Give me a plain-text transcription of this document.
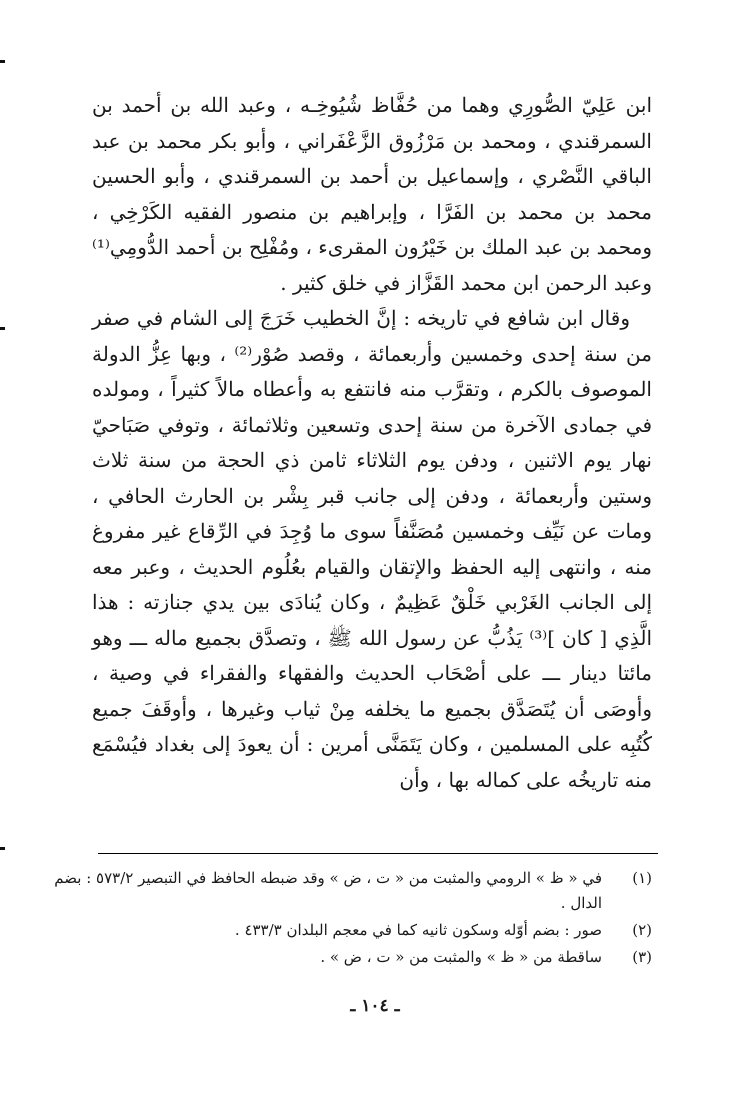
ابن عَلِيّ الصُّورِي وهما من حُفَّاظ شُيُوخِـه ، وعبد الله بن أحمد بن السمرقندي ، ومحمد بن مَرْزُوق الزَّعْفَراني ، وأبو بكر محمد بن عبد الباقي النَّصْري ، وإسماعيل بن أحمد بن السمرقندي ، وأبو الحسين محمد بن محمد بن الفَرَّا ، وإبراهيم بن منصور الفقيه الكَرْخِي ، ومحمد بن عبد الملك بن خَيْرُون المقرىء ، ومُفْلِح بن أحمد الدُّومِي⁽¹⁾ وعبد الرحمن ابن محمد القَزَّاز في خلق كثير .

وقال ابن شافع في تاريخه : إنَّ الخطيب خَرَجَ إلى الشام في صفر من سنة إحدى وخمسين وأربعمائة ، وقصد صُوْر⁽²⁾ ، وبها عِزُّ الدولة الموصوف بالكرم ، وتقرَّب منه فانتفع به وأعطاه مالاً كثيراً ، ومولده في جمادى الآخرة من سنة إحدى وتسعين وثلاثمائة ، وتوفي صَبَاحيّ نهار يوم الاثنين ، ودفن يوم الثلاثاء ثامن ذي الحجة من سنة ثلاث وستين وأربعمائة ، ودفن إلى جانب قبر بِشْر بن الحارث الحافي ، ومات عن نَيِّف وخمسين مُصَنَّفاً سوى ما وُجِدَ في الرِّقاع غير مفروغ منه ، وانتهى إليه الحفظ والإتقان والقيام بعُلُوم الحديث ، وعبر معه إلى الجانب الغَرْبي خَلْقٌ عَظِيمٌ ، وكان يُنادَى بين يدي جنازته : هذا الَّذِي [ كان ]⁽³⁾ يَذُبُّ عن رسول الله ﷺ ، وتصدَّق بجميع ماله ـــ وهو مائتا دينار ـــ على أصْحَاب الحديث والفقهاء والفقراء في وصية ، وأوصَى أن يُتَصَدَّق بجميع ما يخلفه مِنْ ثياب وغيرها ، وأوقَفَ جميع كُتُبِه على المسلمين ، وكان يَتَمَنَّى أمرين : أن يعودَ إلى بغداد فيُسْمَع منه تاريخُه على كماله بها ، وأن

(١)
في « ظ » الرومي والمثبت من « ت ، ض » وقد ضبطه الحافظ في التبصير ٥٧٣/٢ : بضم الدال .
(٢)
صور : بضم أوّله وسكون ثانيه كما في معجم البلدان ٤٣٣/٣ .
(٣)
ساقطة من « ظ » والمثبت من « ت ، ض » .
ـ ١٠٤ ـ
